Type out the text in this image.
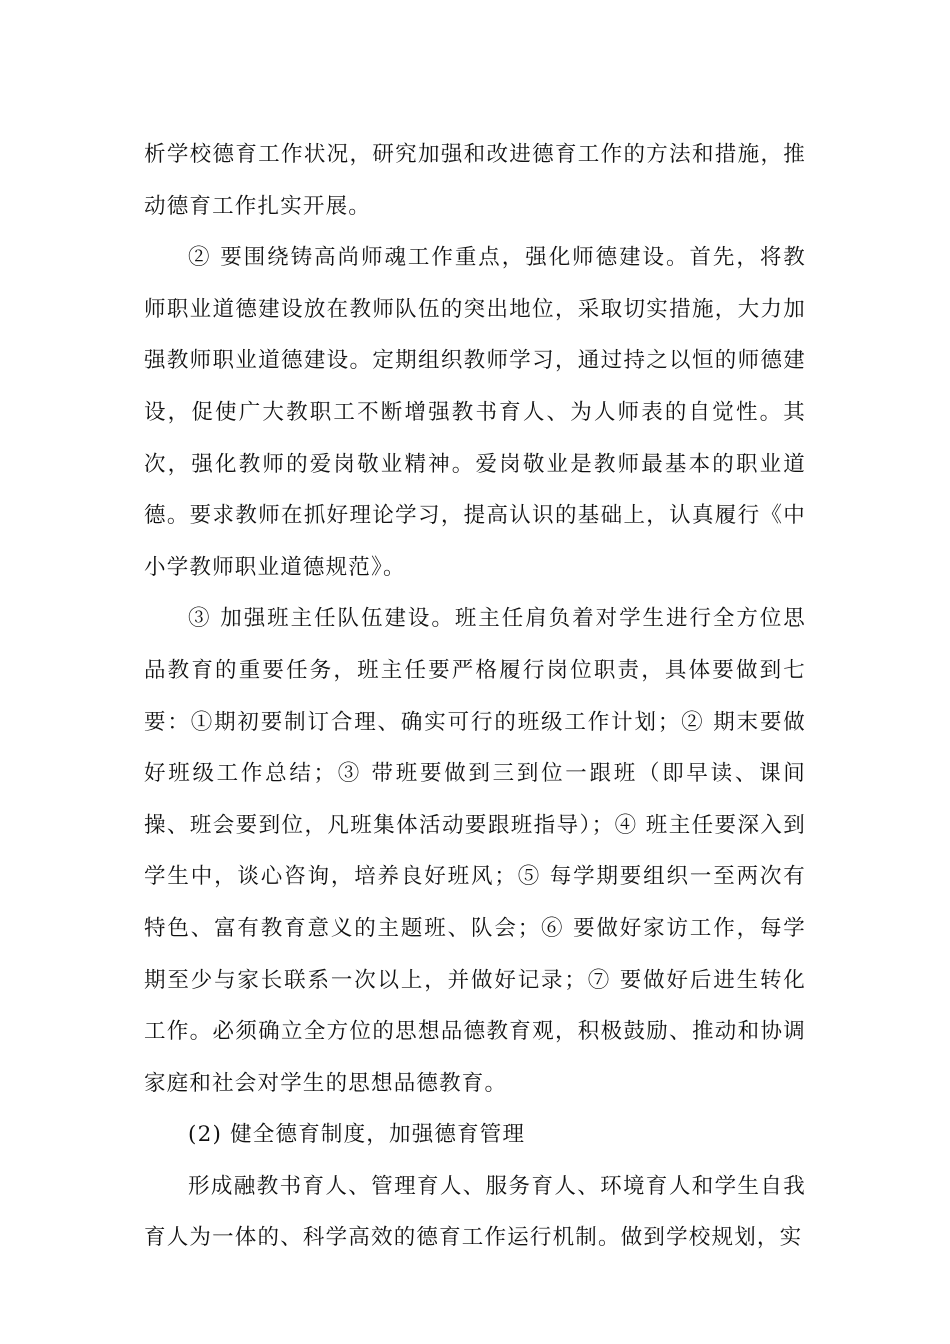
析学校德育工作状况，研究加强和改进德育工作的方法和措施，推动德育工作扎实开展。

② 要围绕铸高尚师魂工作重点，强化师德建设。首先，将教师职业道德建设放在教师队伍的突出地位，采取切实措施，大力加强教师职业道德建设。定期组织教师学习，通过持之以恒的师德建设，促使广大教职工不断增强教书育人、为人师表的自觉性。其次，强化教师的爱岗敬业精神。爱岗敬业是教师最基本的职业道德。要求教师在抓好理论学习，提高认识的基础上，认真履行《中小学教师职业道德规范》。

③ 加强班主任队伍建设。班主任肩负着对学生进行全方位思品教育的重要任务，班主任要严格履行岗位职责，具体要做到七要：①期初要制订合理、确实可行的班级工作计划；② 期末要做好班级工作总结；③ 带班要做到三到位一跟班（即早读、课间操、班会要到位，凡班集体活动要跟班指导）；④ 班主任要深入到学生中，谈心咨询，培养良好班风；⑤ 每学期要组织一至两次有特色、富有教育意义的主题班、队会；⑥ 要做好家访工作，每学期至少与家长联系一次以上，并做好记录；⑦ 要做好后进生转化工作。必须确立全方位的思想品德教育观，积极鼓励、推动和协调家庭和社会对学生的思想品德教育。

(2) 健全德育制度，加强德育管理

形成融教书育人、管理育人、服务育人、环境育人和学生自我育人为一体的、科学高效的德育工作运行机制。做到学校规划，实
